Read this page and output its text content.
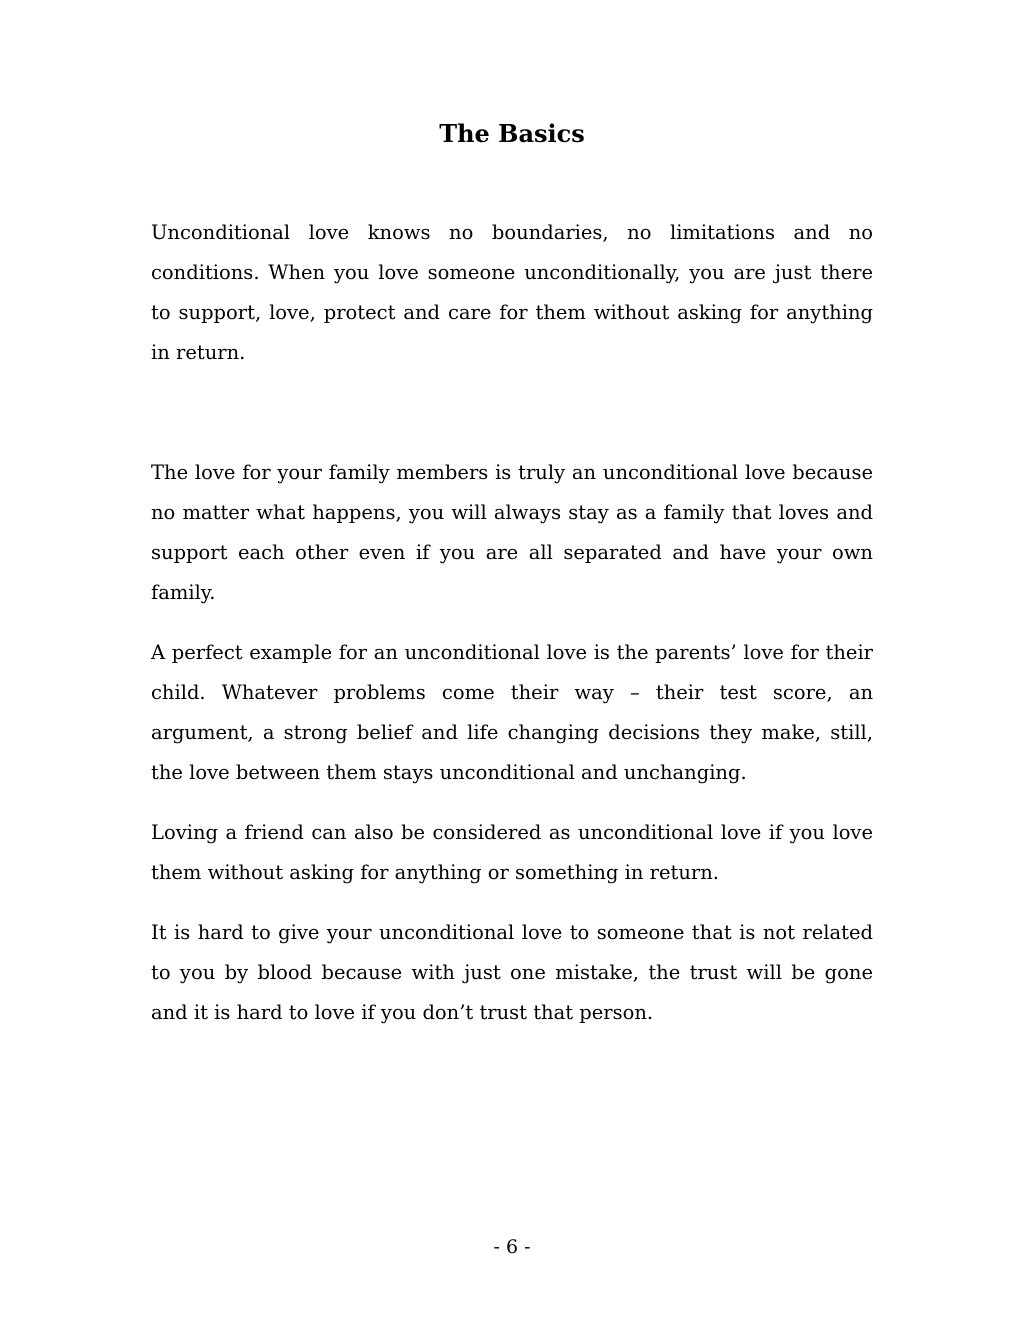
The Basics

Unconditional love knows no boundaries, no limitations and no conditions. When you love someone unconditionally, you are just there to support, love, protect and care for them without asking for anything in return.

The love for your family members is truly an unconditional love because no matter what happens, you will always stay as a family that loves and support each other even if you are all separated and have your own family.

A perfect example for an unconditional love is the parents’ love for their child. Whatever problems come their way – their test score, an argument, a strong belief and life changing decisions they make, still, the love between them stays unconditional and unchanging.

Loving a friend can also be considered as unconditional love if you love them without asking for anything or something in return.

It is hard to give your unconditional love to someone that is not related to you by blood because with just one mistake, the trust will be gone and it is hard to love if you don’t trust that person.

- 6 -
